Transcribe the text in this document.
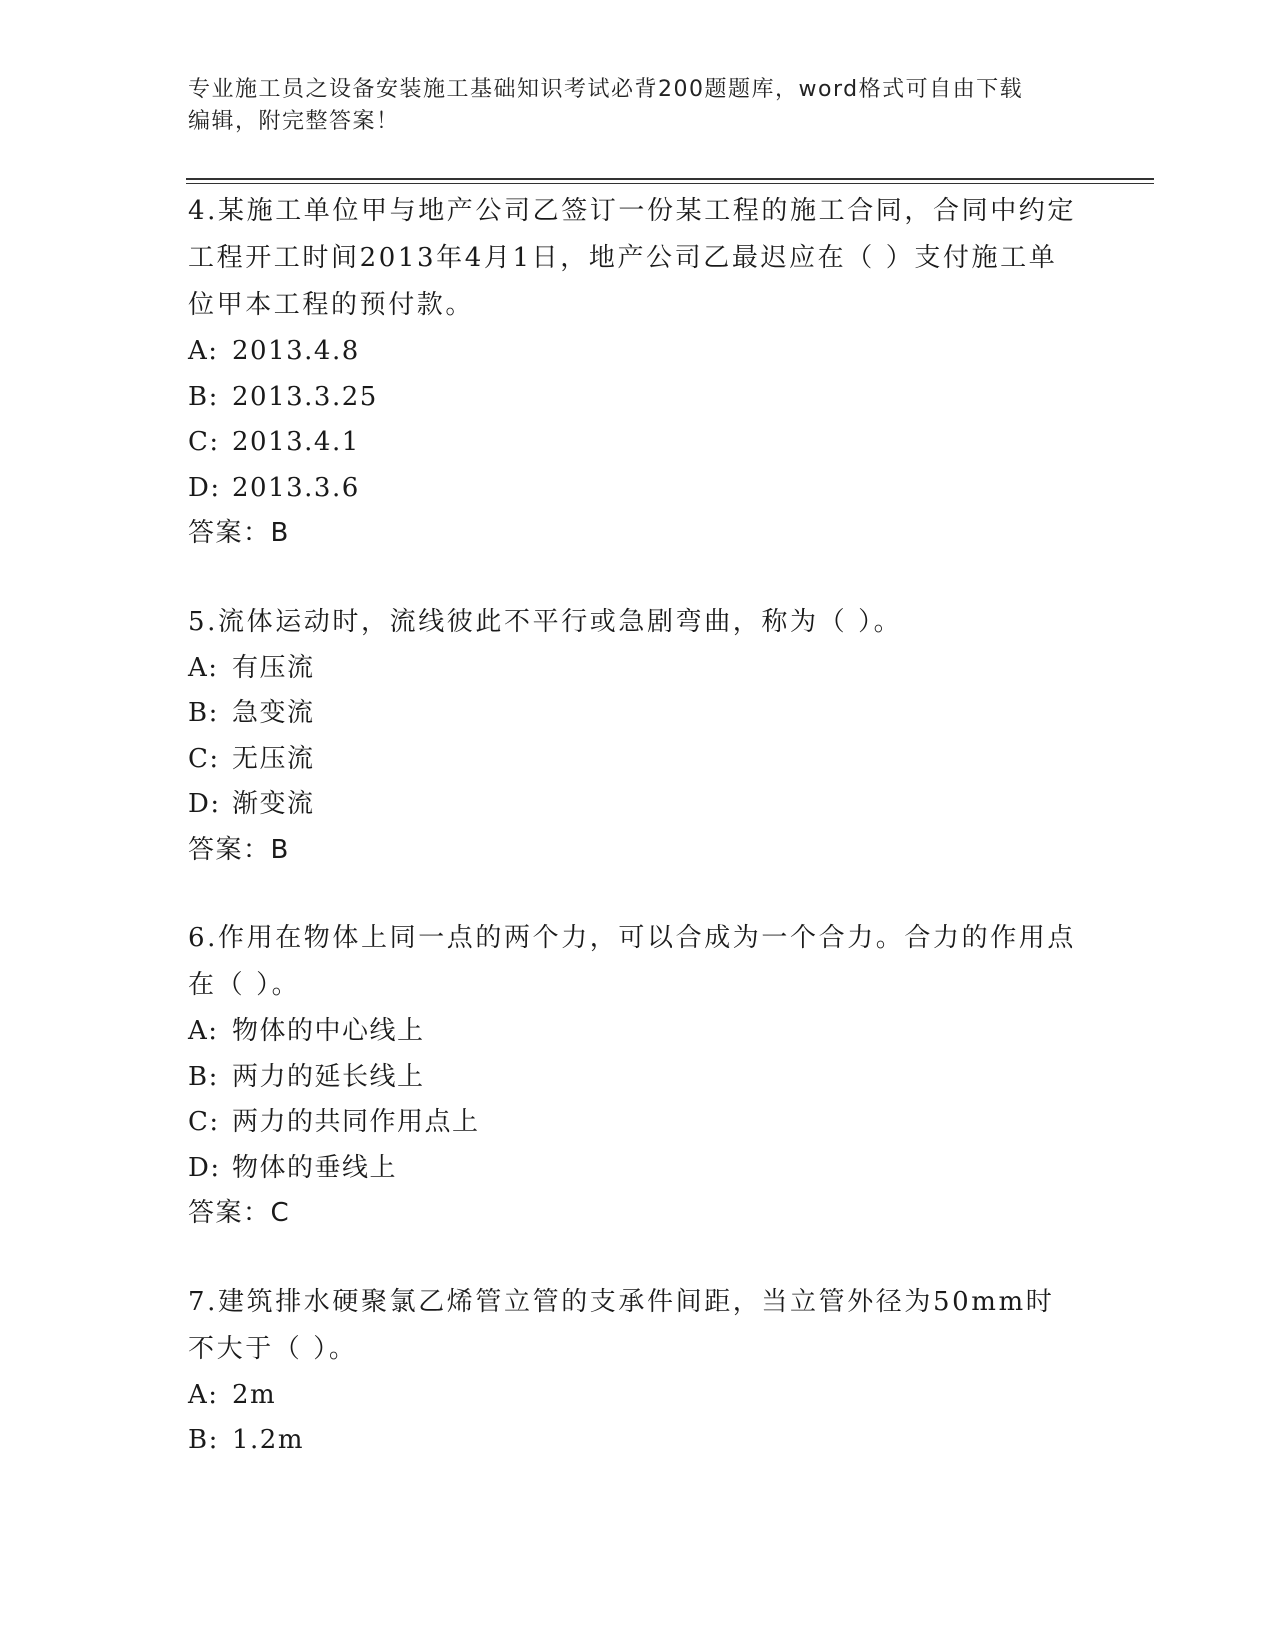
专业施工员之设备安装施工基础知识考试必背200题题库，word格式可自由下载
编辑，附完整答案！

4.某施工单位甲与地产公司乙签订一份某工程的施工合同，合同中约定工程开工时间2013年4月1日，地产公司乙最迟应在（ ）支付施工单位甲本工程的预付款。

A: 2013.4.8

B: 2013.3.25

C: 2013.4.1

D: 2013.3.6

答案：B

5.流体运动时，流线彼此不平行或急剧弯曲，称为（ ）。

A: 有压流

B: 急变流

C: 无压流

D: 渐变流

答案：B

6.作用在物体上同一点的两个力，可以合成为一个合力。合力的作用点在（ ）。

A: 物体的中心线上

B: 两力的延长线上

C: 两力的共同作用点上

D: 物体的垂线上

答案：C

7.建筑排水硬聚氯乙烯管立管的支承件间距，当立管外径为50mm时不大于（ ）。

A: 2m

B: 1.2m
